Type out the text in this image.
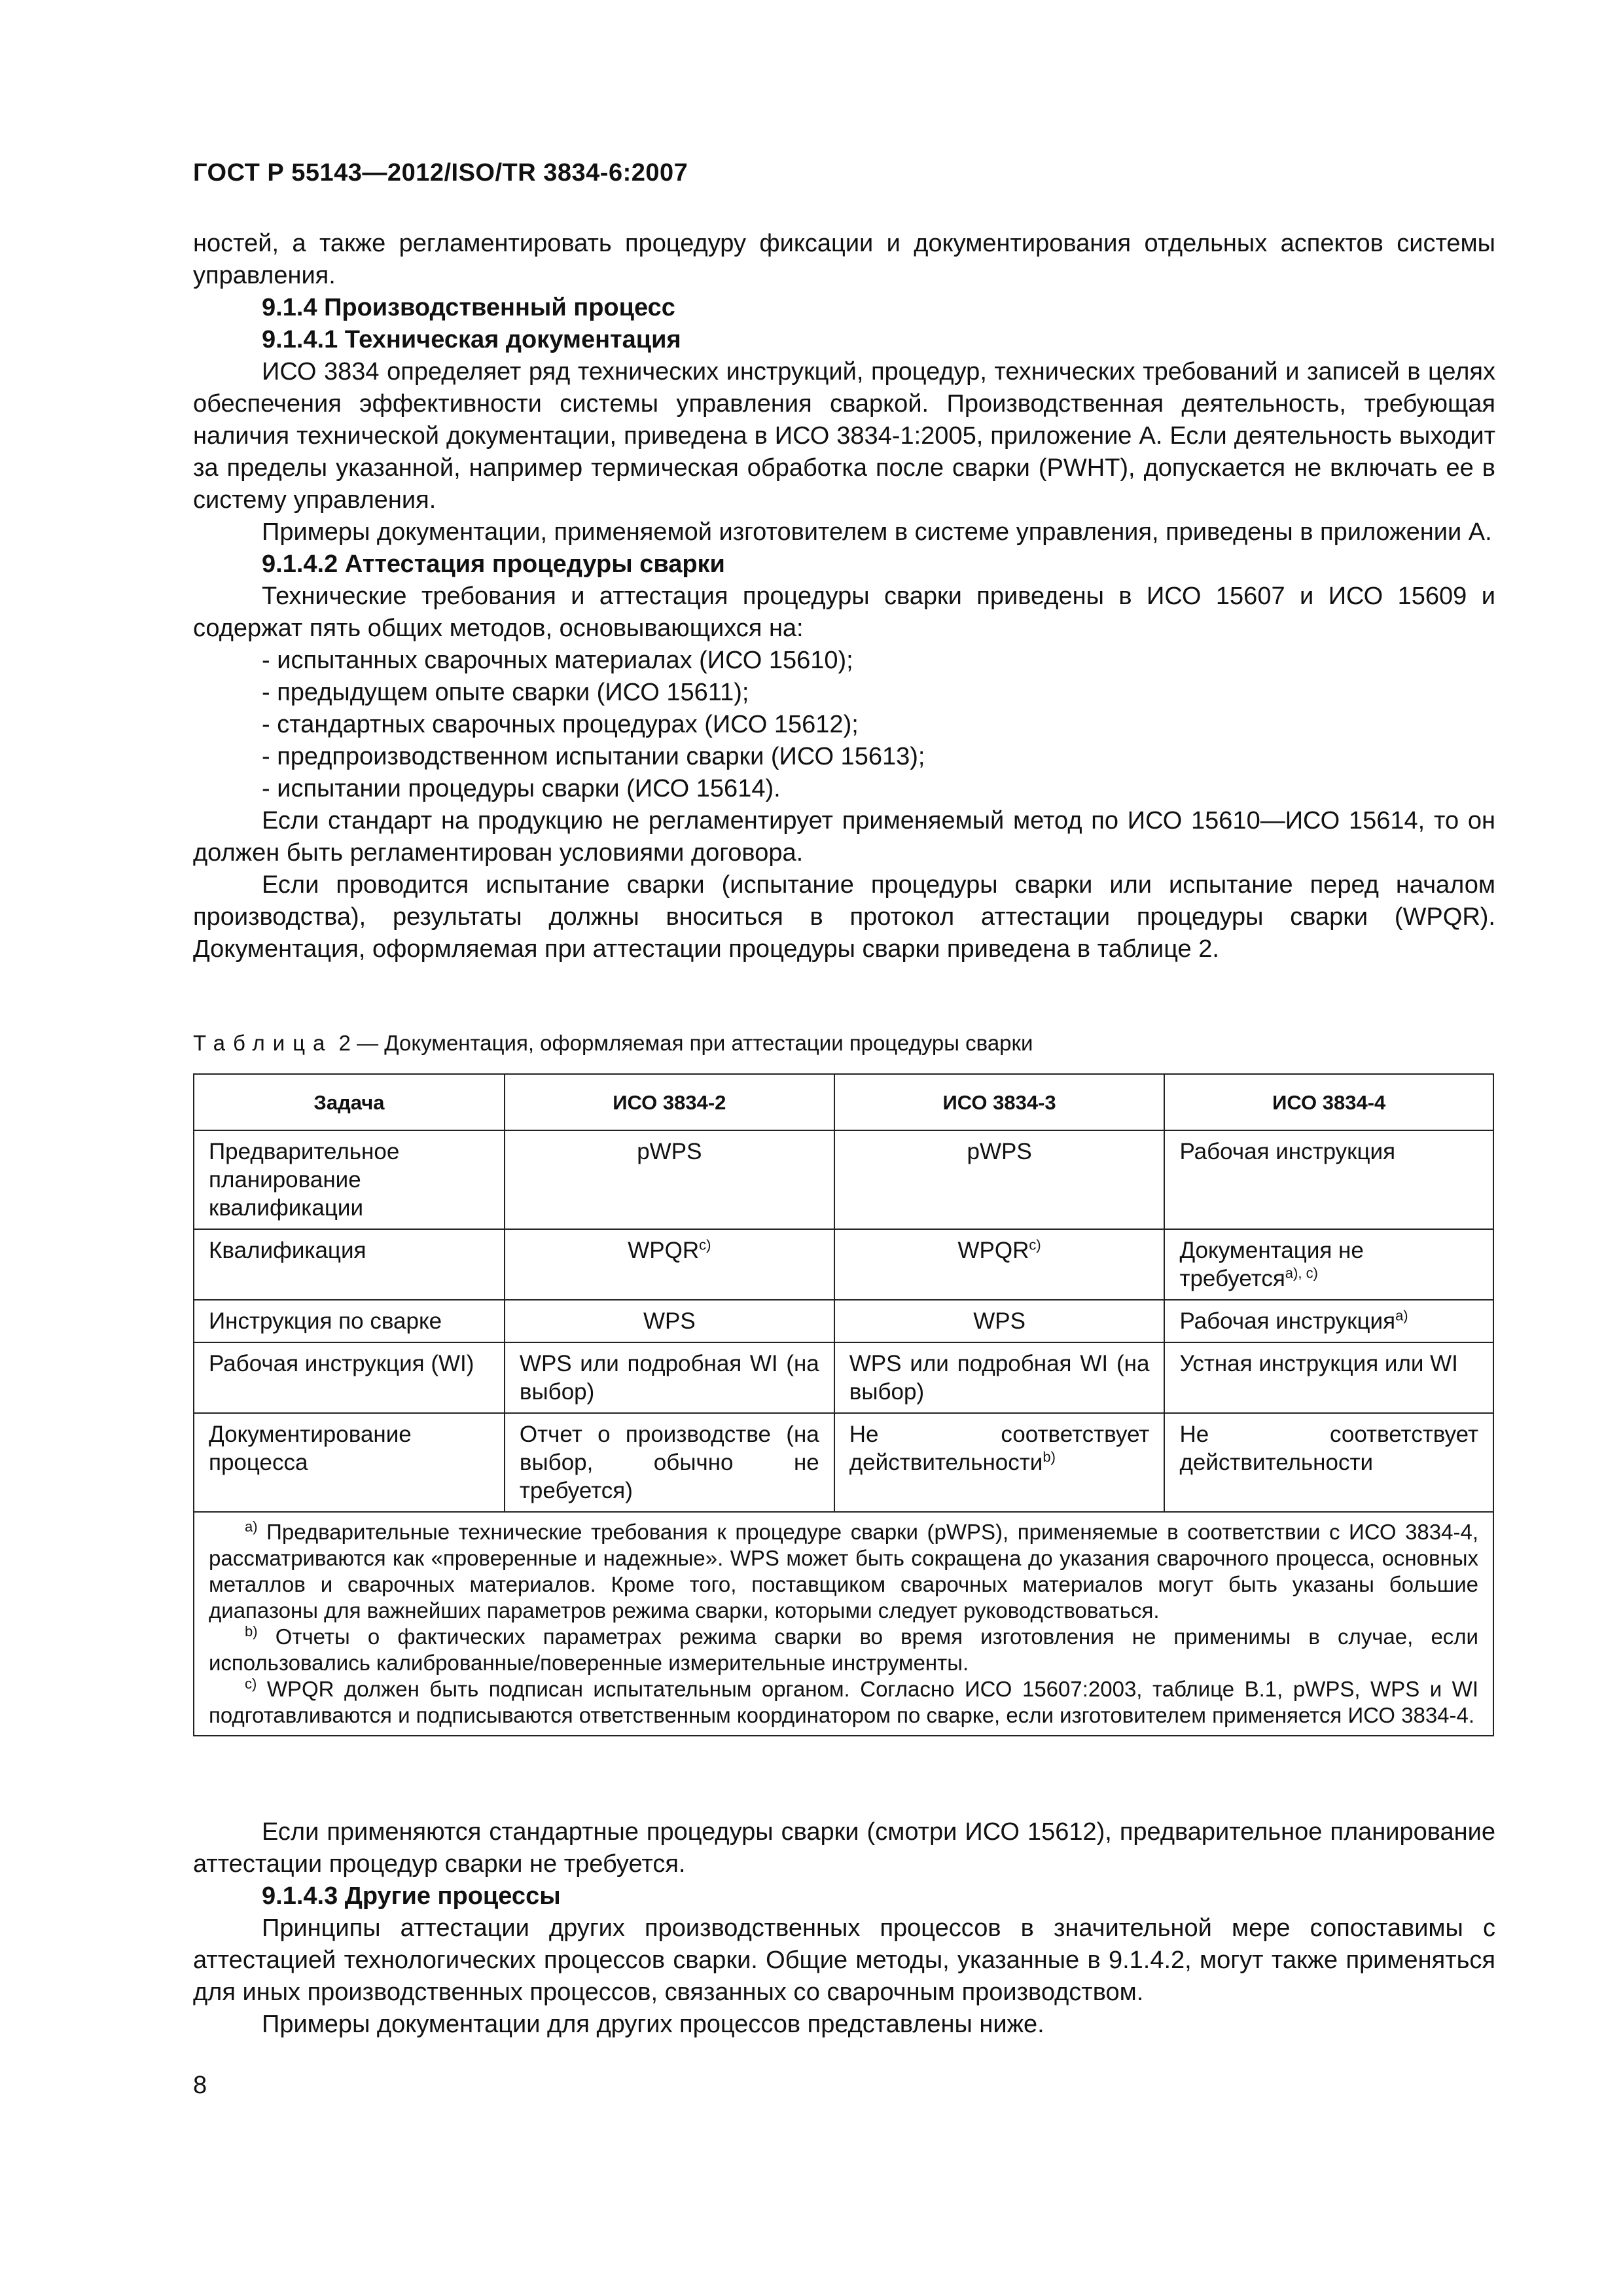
ГОСТ Р 55143—2012/ISO/TR 3834-6:2007

ностей, а также регламентировать процедуру фиксации и документирования отдельных аспектов системы управления.

9.1.4 Производственный процесс

9.1.4.1 Техническая документация

ИСО 3834 определяет ряд технических инструкций, процедур, технических требований и записей в целях обеспечения эффективности системы управления сваркой. Производственная деятельность, требующая наличия технической документации, приведена в ИСО 3834-1:2005, приложение А. Если деятельность выходит за пределы указанной, например термическая обработка после сварки (PWHT), допускается не включать ее в систему управления.

Примеры документации, применяемой изготовителем в системе управления, приведены в приложении А.

9.1.4.2 Аттестация процедуры сварки

Технические требования и аттестация процедуры сварки приведены в ИСО 15607 и ИСО 15609 и содержат пять общих методов, основывающихся на:

- испытанных сварочных материалах (ИСО 15610);

- предыдущем опыте сварки (ИСО 15611);

- стандартных сварочных процедурах (ИСО 15612);

- предпроизводственном испытании сварки (ИСО 15613);

- испытании процедуры сварки (ИСО 15614).

Если стандарт на продукцию не регламентирует применяемый метод по ИСО 15610—ИСО 15614, то он должен быть регламентирован условиями договора.

Если проводится испытание сварки (испытание процедуры сварки или испытание перед началом производства), результаты должны вноситься в протокол аттестации процедуры сварки (WPQR). Документация, оформляемая при аттестации процедуры сварки приведена в таблице 2.

Таблица 2 — Документация, оформляемая при аттестации процедуры сварки
Задача	ИСО 3834-2	ИСО 3834-3	ИСО 3834-4
Предварительное планирование квалификации	pWPS	pWPS	Рабочая инструкция
Квалификация	WPQR$^{c)}$	WPQR$^{c)}$	Документация не требуется$^{a), c)}$
Инструкция по сварке	WPS	WPS	Рабочая инструкция$^{a)}$
Рабочая инструкция (WI)	WPS или подробная WI (на выбор)	WPS или подробная WI (на выбор)	Устная инструкция или WI
Документирование процесса	Отчет о производстве (на выбор, обычно не требуется)	Не соответствует действительности$^{b)}$	Не соответствует действительности

$^{a)}$ Предварительные технические требования к процедуре сварки (pWPS), применяемые в соответствии с ИСО 3834-4, рассматриваются как «проверенные и надежные». WPS может быть сокращена до указания сварочного процесса, основных металлов и сварочных материалов. Кроме того, поставщиком сварочных материалов могут быть указаны большие диапазоны для важнейших параметров режима сварки, которыми следует руководствоваться.

$^{b)}$ Отчеты о фактических параметрах режима сварки во время изготовления не применимы в случае, если использовались калиброванные/поверенные измерительные инструменты.

$^{c)}$ WPQR должен быть подписан испытательным органом. Согласно ИСО 15607:2003, таблице В.1, pWPS, WPS и WI подготавливаются и подписываются ответственным координатором по сварке, если изготовителем применяется ИСО 3834-4.			

Если применяются стандартные процедуры сварки (смотри ИСО 15612), предварительное планирование аттестации процедур сварки не требуется.

9.1.4.3 Другие процессы

Принципы аттестации других производственных процессов в значительной мере сопоставимы с аттестацией технологических процессов сварки. Общие методы, указанные в 9.1.4.2, могут также применяться для иных производственных процессов, связанных со сварочным производством.

Примеры документации для других процессов представлены ниже.

8
